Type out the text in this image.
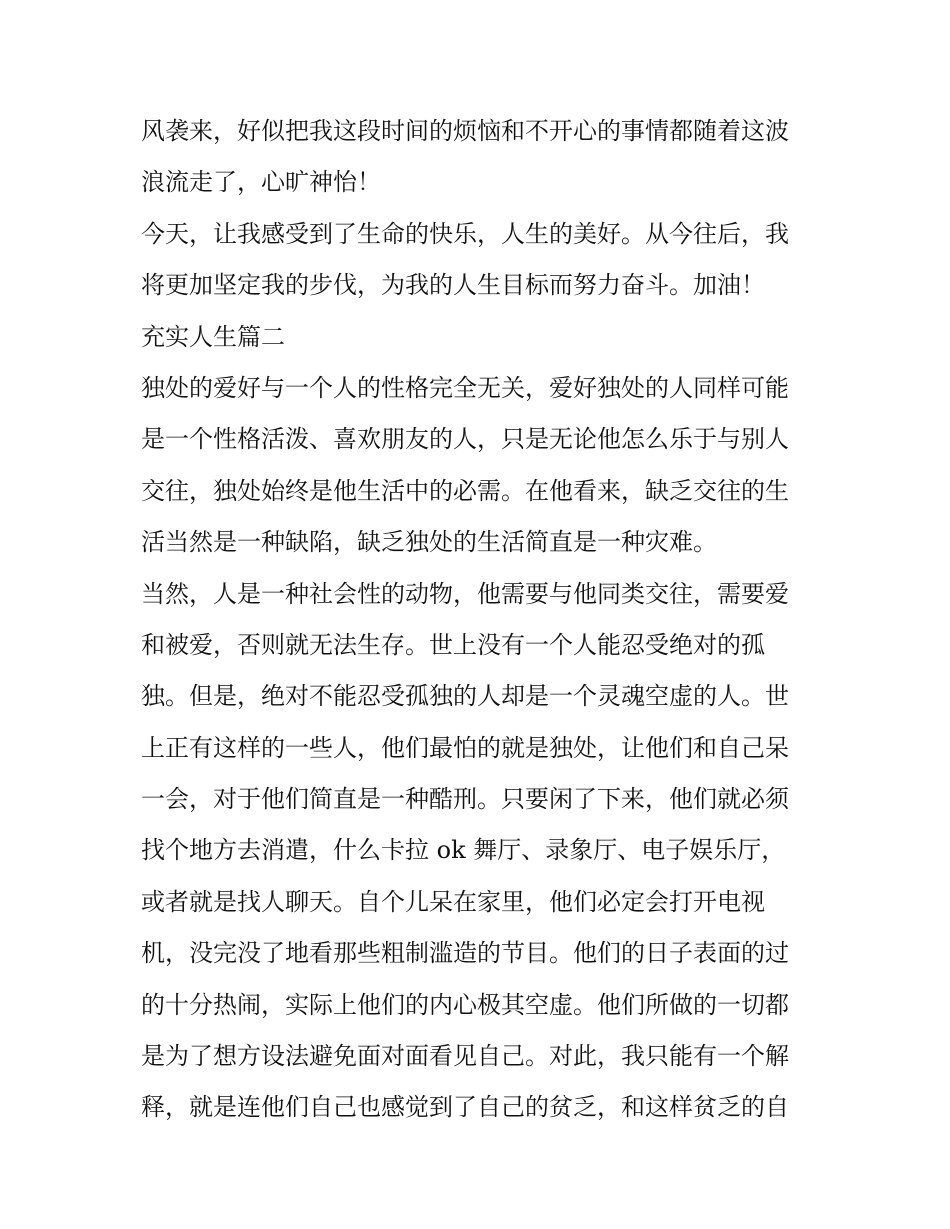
风袭来，好似把我这段时间的烦恼和不开心的事情都随着这波
浪流走了，心旷神怡！
今天，让我感受到了生命的快乐，人生的美好。从今往后，我
将更加坚定我的步伐，为我的人生目标而努力奋斗。加油！
充实人生篇二
独处的爱好与一个人的性格完全无关，爱好独处的人同样可能
是一个性格活泼、喜欢朋友的人，只是无论他怎么乐于与别人
交往，独处始终是他生活中的必需。在他看来，缺乏交往的生
活当然是一种缺陷，缺乏独处的生活简直是一种灾难。
当然，人是一种社会性的动物，他需要与他同类交往，需要爱
和被爱，否则就无法生存。世上没有一个人能忍受绝对的孤
独。但是，绝对不能忍受孤独的人却是一个灵魂空虚的人。世
上正有这样的一些人，他们最怕的就是独处，让他们和自己呆
一会，对于他们简直是一种酷刑。只要闲了下来，他们就必须
找个地方去消遣，什么卡拉 ok 舞厅、录象厅、电子娱乐厅，
或者就是找人聊天。自个儿呆在家里，他们必定会打开电视
机，没完没了地看那些粗制滥造的节目。他们的日子表面的过
的十分热闹，实际上他们的内心极其空虚。他们所做的一切都
是为了想方设法避免面对面看见自己。对此，我只能有一个解
释，就是连他们自己也感觉到了自己的贫乏，和这样贫乏的自
